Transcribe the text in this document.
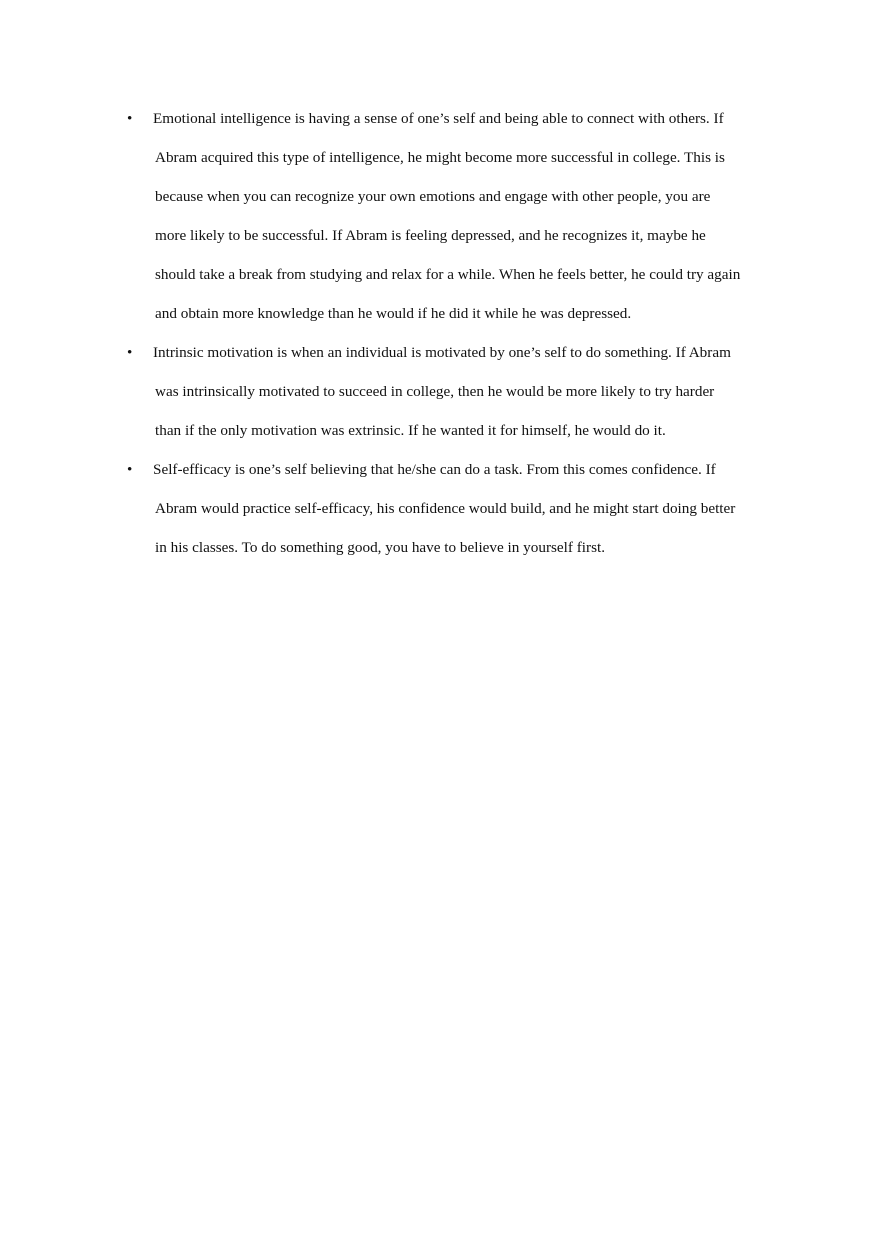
•	Emotional intelligence is having a sense of one’s self and being able to connect with others. If
Abram acquired this type of intelligence, he might become more successful in college. This is
because when you can recognize your own emotions and engage with other people, you are
more likely to be successful. If Abram is feeling depressed, and he recognizes it, maybe he
should take a break from studying and relax for a while. When he feels better, he could try again
and obtain more knowledge than he would if he did it while he was depressed.
•	Intrinsic motivation is when an individual is motivated by one’s self to do something. If Abram
was intrinsically motivated to succeed in college, then he would be more likely to try harder
than if the only motivation was extrinsic. If he wanted it for himself, he would do it.
•	Self-efficacy is one’s self believing that he/she can do a task. From this comes confidence. If
Abram would practice self-efficacy, his confidence would build, and he might start doing better
in his classes. To do something good, you have to believe in yourself first.
